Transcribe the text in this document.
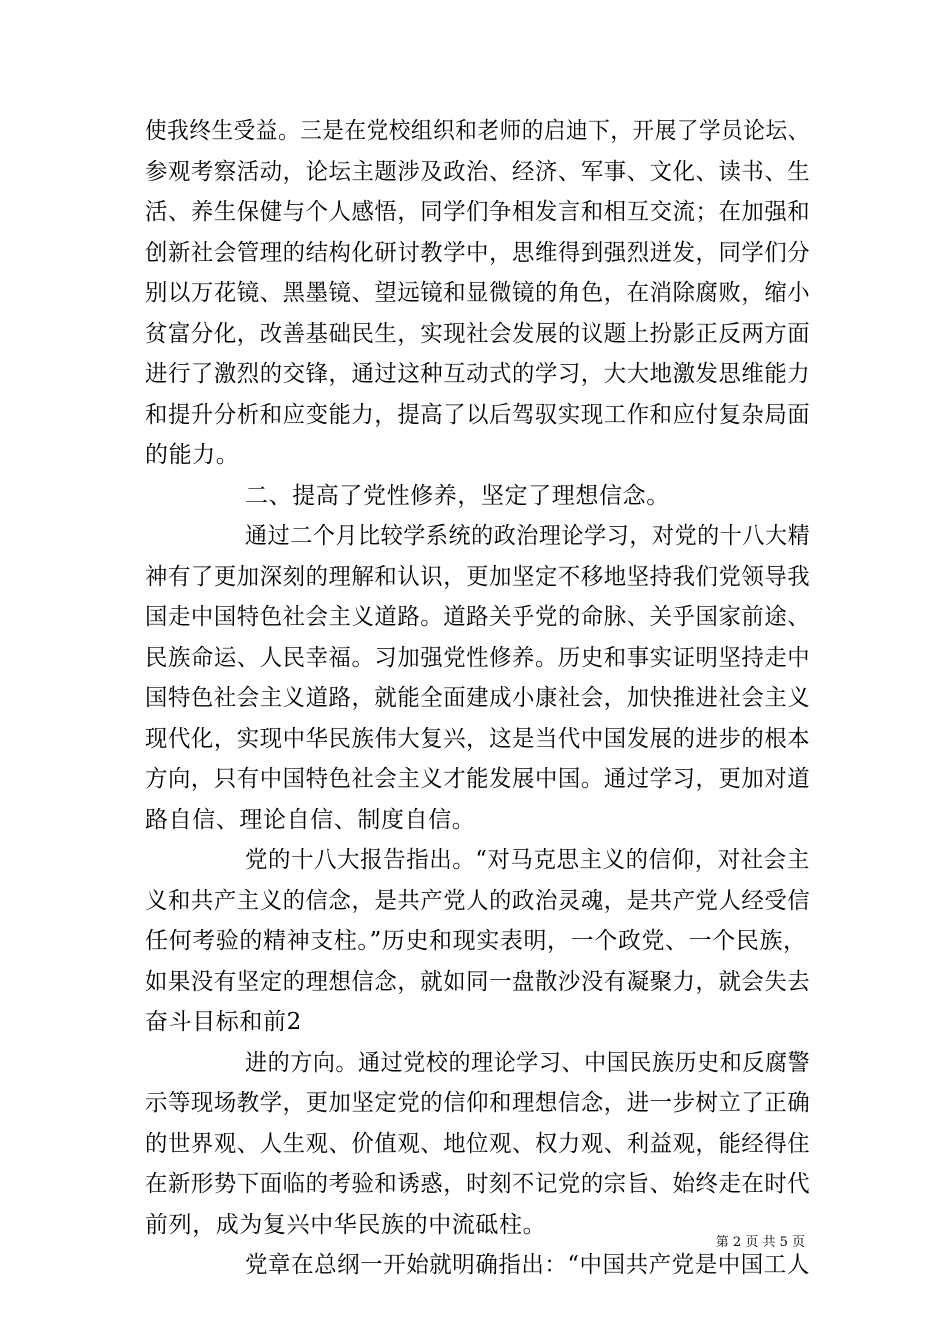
使我终生受益。三是在党校组织和老师的启迪下，开展了学员论坛、
参观考察活动，论坛主题涉及政治、经济、军事、文化、读书、生
活、养生保健与个人感悟，同学们争相发言和相互交流；在加强和
创新社会管理的结构化研讨教学中，思维得到强烈迸发，同学们分
别以万花镜、黑墨镜、望远镜和显微镜的角色，在消除腐败，缩小
贫富分化，改善基础民生，实现社会发展的议题上扮影正反两方面
进行了激烈的交锋，通过这种互动式的学习，大大地激发思维能力
和提升分析和应变能力，提高了以后驾驭实现工作和应付复杂局面
的能力。
二、提高了党性修养，坚定了理想信念。
通过二个月比较学系统的政治理论学习，对党的十八大精
神有了更加深刻的理解和认识，更加坚定不移地坚持我们党领导我
国走中国特色社会主义道路。道路关乎党的命脉、关乎国家前途、
民族命运、人民幸福。习加强党性修养。历史和事实证明坚持走中
国特色社会主义道路，就能全面建成小康社会，加快推进社会主义
现代化，实现中华民族伟大复兴，这是当代中国发展的进步的根本
方向，只有中国特色社会主义才能发展中国。通过学习，更加对道
路自信、理论自信、制度自信。
党的十八大报告指出。“对马克思主义的信仰，对社会主
义和共产主义的信念，是共产党人的政治灵魂，是共产党人经受信
任何考验的精神支柱。”历史和现实表明，一个政党、一个民族，
如果没有坚定的理想信念，就如同一盘散沙没有凝聚力，就会失去
奋斗目标和前2
进的方向。通过党校的理论学习、中国民族历史和反腐警
示等现场教学，更加坚定党的信仰和理想信念，进一步树立了正确
的世界观、人生观、价值观、地位观、权力观、利益观，能经得住
在新形势下面临的考验和诱惑，时刻不记党的宗旨、始终走在时代
前列，成为复兴中华民族的中流砥柱。
党章在总纲一开始就明确指出：“中国共产党是中国工人
第 2 页 共 5 页
